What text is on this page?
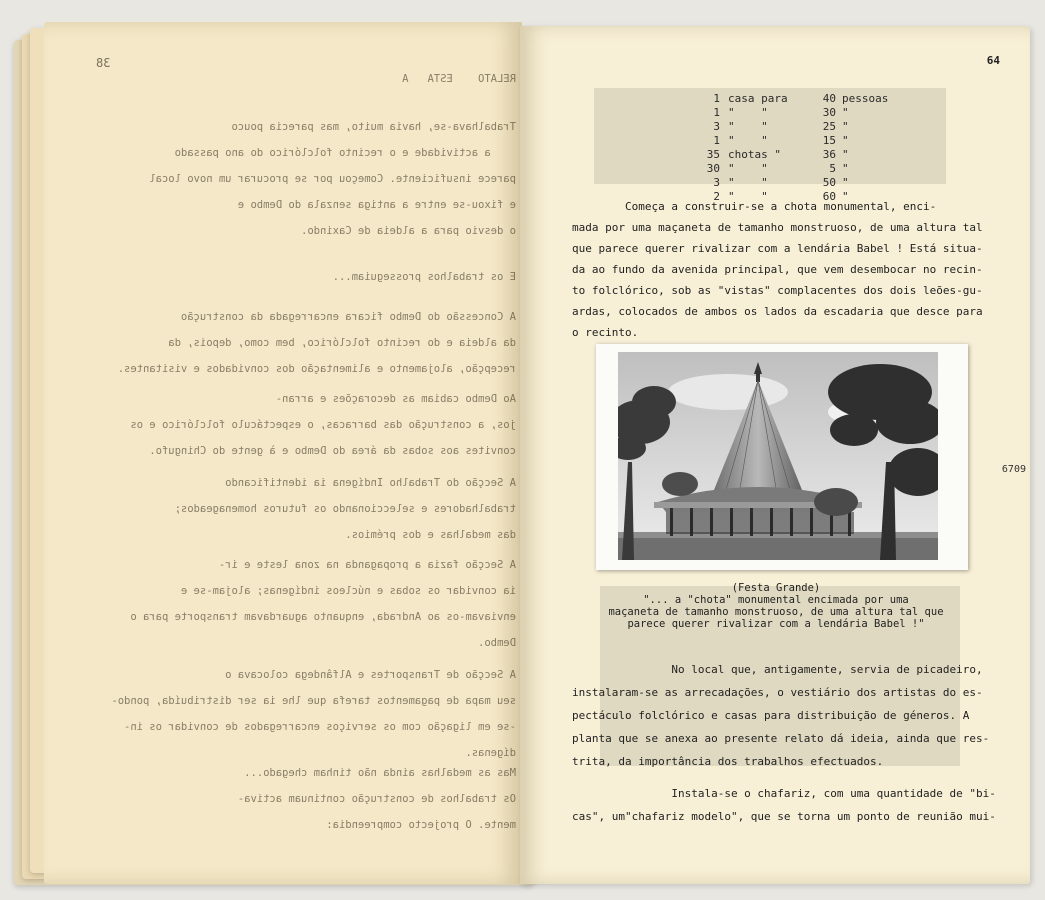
38
RELATO    ESTA   A
Trabalhava-se, havia muito, mas parecia pouco
a actividade e o recinto folclórico do ano passado
parece insuficiente. Começou por se procurar um novo local
e fixou-se entre a antiga senzala do Dembo e
o desvio para a aldeia de Caxindo.
E os trabalhos prosseguiam...
A Concessão do Dembo ficara encarregada da construção
da aldeia e do recinto folclórico, bem como, depois, da
recepção, alojamento e alimentação dos convidados e visitantes.
Ao Dembo cabiam as decorações e arran-
jos, a construção das barracas, o espectáculo folclórico e os
convites aos sobas da área do Dembo e à gente do Chingufo.
A Secção do Trabalho Indígena ia identificando
trabalhadores e seleccionando os futuros homenageados;
das medalhas e dos prémios.
A Secção fazia a propaganda na zona leste e ir-
ia convidar os sobas e núcleos indígenas; alojam-se e
enviavam-os ao Andrada, enquanto aguardavam transporte para o
Dembo.
A Secção de Transportes e Alfândega colocava o
seu mapa de pagamentos tarefa que lhe ia ser distribuída, pondo-
-se em ligação com os serviços encarregados de convidar os in-
dígenas.
Mas as medalhas ainda não tinham chegado...
Os trabalhos de construção continuam activa-
mente. O projecto compreendia:
64
1 casa para	40 pessoas
1 "    "	30 "
3 "    "	25 "
1 "    "	15 "
35 chotas "	36 "
30 "    "	5 "
3 "    "	50 "
2 "    "	60 "
Começa a construir-se a chota monumental, enci-
mada por uma maçaneta de tamanho monstruoso, de uma altura tal
que parece querer rivalizar com a lendária Babel ! Está situa-
da ao fundo da avenida principal, que vem desembocar no recin-
to folclórico, sob as "vistas" complacentes dos dois leões-gu-
ardas, colocados de ambos os lados da escadaria que desce para
o recinto.
6709
(Festa Grande)
"... a "chota" monumental encimada por uma
maçaneta de tamanho monstruoso, de uma altura tal que
parece querer rivalizar com a lendária Babel !"
No local que, antigamente, servia de picadeiro,
instalaram-se as arrecadações, o vestiário dos artistas do es-
pectáculo folclórico e casas para distribuição de géneros. A
planta que se anexa ao presente relato dá ideia, ainda que res-
trita, da importância dos trabalhos efectuados.
Instala-se o chafariz, com uma quantidade de "bi-
cas", um"chafariz modelo", que se torna um ponto de reunião mui-
